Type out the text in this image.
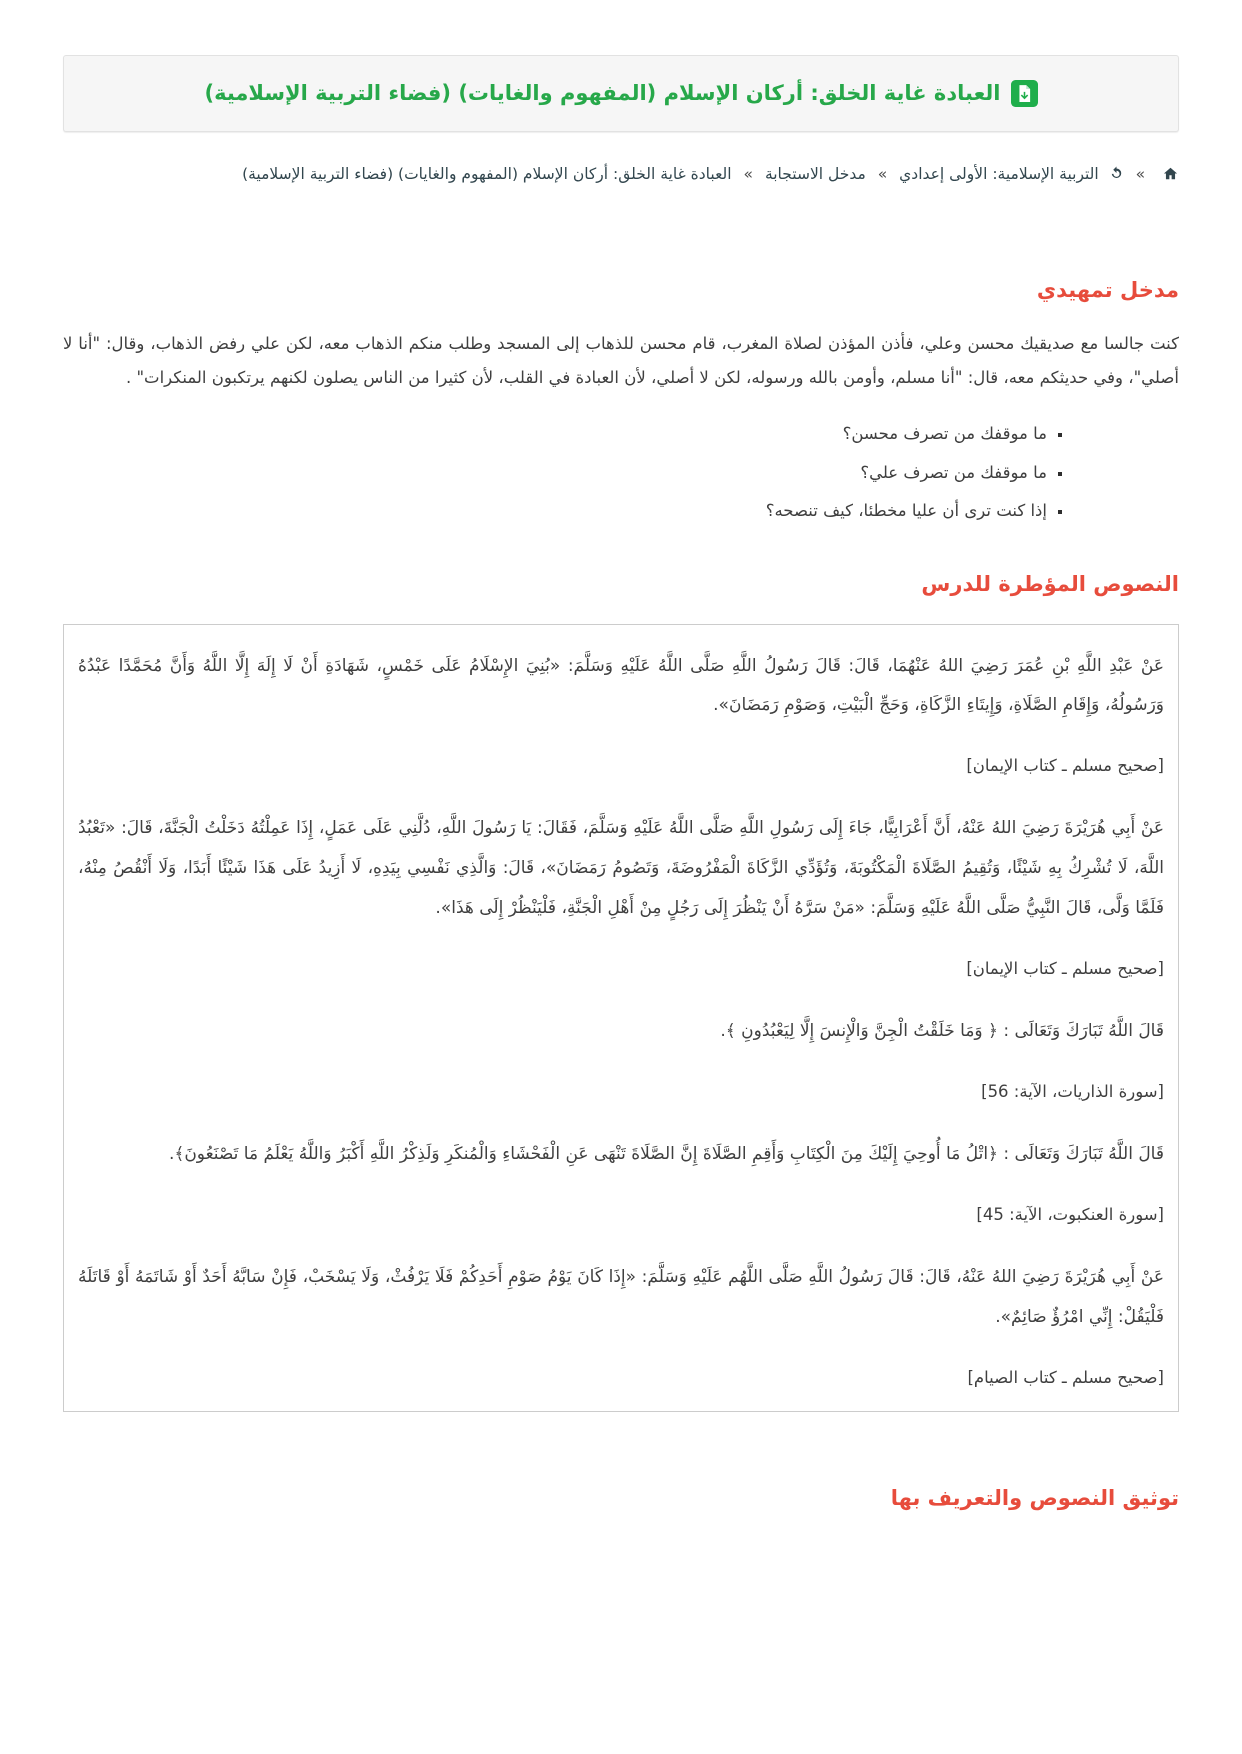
العبادة غاية الخلق: أركان الإسلام (المفهوم والغايات) (فضاء التربية الإسلامية)
»  التربية الإسلامية: الأولى إعدادي » مدخل الاستجابة » العبادة غاية الخلق: أركان الإسلام (المفهوم والغايات) (فضاء التربية الإسلامية)
مدخل تمهيدي

كنت جالسا مع صديقيك محسن وعلي، فأذن المؤذن لصلاة المغرب، قام محسن للذهاب إلى المسجد وطلب منكم الذهاب معه، لكن علي رفض الذهاب، وقال: "أنا لا أصلي"، وفي حديثكم معه، قال: "أنا مسلم، وأومن بالله ورسوله، لكن لا أصلي، لأن العبادة في القلب، لأن كثيرا من الناس يصلون لكنهم يرتكبون المنكرات" .

▪ ما موقفك من تصرف محسن؟
▪ ما موقفك من تصرف علي؟
▪ إذا كنت ترى أن عليا مخطئا، كيف تنصحه؟
النصوص المؤطرة للدرس

عَنْ عَبْدِ اللَّهِ بْنِ عُمَرَ رَضِيَ اللهُ عَنْهُمَا، قَالَ: قَالَ رَسُولُ اللَّهِ صَلَّى اللَّهُ عَلَيْهِ وَسَلَّمَ: «بُنِيَ الإِسْلَامُ عَلَى خَمْسٍ، شَهَادَةِ أَنْ لَا إِلَهَ إِلَّا اللَّهُ وَأَنَّ مُحَمَّدًا عَبْدُهُ وَرَسُولُهُ، وَإِقَامِ الصَّلَاةِ، وَإِيتَاءِ الزَّكَاةِ، وَحَجِّ الْبَيْتِ، وَصَوْمِ رَمَضَانَ».

[صحيح مسلم ـ كتاب الإيمان]

عَنْ أَبِي هُرَيْرَةَ رَضِيَ اللهُ عَنْهُ، أَنَّ أَعْرَابِيًّا، جَاءَ إِلَى رَسُولِ اللَّهِ صَلَّى اللَّهُ عَلَيْهِ وَسَلَّمَ، فَقَالَ: يَا رَسُولَ اللَّهِ، دُلَّنِي عَلَى عَمَلٍ، إِذَا عَمِلْتُهُ دَخَلْتُ الْجَنَّةَ، قَالَ: «تَعْبُدُ اللَّهَ، لَا تُشْرِكُ بِهِ شَيْئًا، وَتُقِيمُ الصَّلَاةَ الْمَكْتُوبَةَ، وَتُؤَدِّي الزَّكَاةَ الْمَفْرُوضَةَ، وَتَصُومُ رَمَضَانَ»، قَالَ: وَالَّذِي نَفْسِي بِيَدِهِ، لَا أَزِيدُ عَلَى هَذَا شَيْئًا أَبَدًا، وَلَا أَنْقُصُ مِنْهُ، فَلَمَّا وَلَّى، قَالَ النَّبِيُّ صَلَّى اللَّهُ عَلَيْهِ وَسَلَّمَ: «مَنْ سَرَّهُ أَنْ يَنْظُرَ إِلَى رَجُلٍ مِنْ أَهْلِ الْجَنَّةِ، فَلْيَنْظُرْ إِلَى هَذَا».

[صحيح مسلم ـ كتاب الإيمان]

قَالَ اللَّهُ تَبَارَكَ وَتَعَالَى : ﴿ وَمَا خَلَقْتُ الْجِنَّ وَالْإِنسَ إِلَّا لِيَعْبُدُونِ ﴾.

[سورة الذاريات، الآية: 56]

قَالَ اللَّهُ تَبَارَكَ وَتَعَالَى : ﴿اتْلُ مَا أُوحِيَ إِلَيْكَ مِنَ الْكِتَابِ وَأَقِمِ الصَّلَاةَ إِنَّ الصَّلَاةَ تَنْهَى عَنِ الْفَحْشَاءِ وَالْمُنكَرِ وَلَذِكْرُ اللَّهِ أَكْبَرُ وَاللَّهُ يَعْلَمُ مَا تَصْنَعُونَ﴾.

[سورة العنكبوت، الآية: 45]

عَنْ أَبِي هُرَيْرَةَ رَضِيَ اللهُ عَنْهُ، قَالَ: قَالَ رَسُولُ اللَّهِ صَلَّى اللَّهُم عَلَيْهِ وَسَلَّمَ: «إِذَا كَانَ يَوْمُ صَوْمِ أَحَدِكُمْ فَلَا يَرْفُثْ، وَلَا يَسْخَبْ، فَإِنْ سَابَّهُ أَحَدٌ أَوْ شَاتَمَهُ أَوْ قَاتَلَهُ فَلْيَقُلْ: إِنِّي امْرُؤٌ صَائِمٌ».

[صحيح مسلم ـ كتاب الصيام]

توثيق النصوص والتعريف بها
